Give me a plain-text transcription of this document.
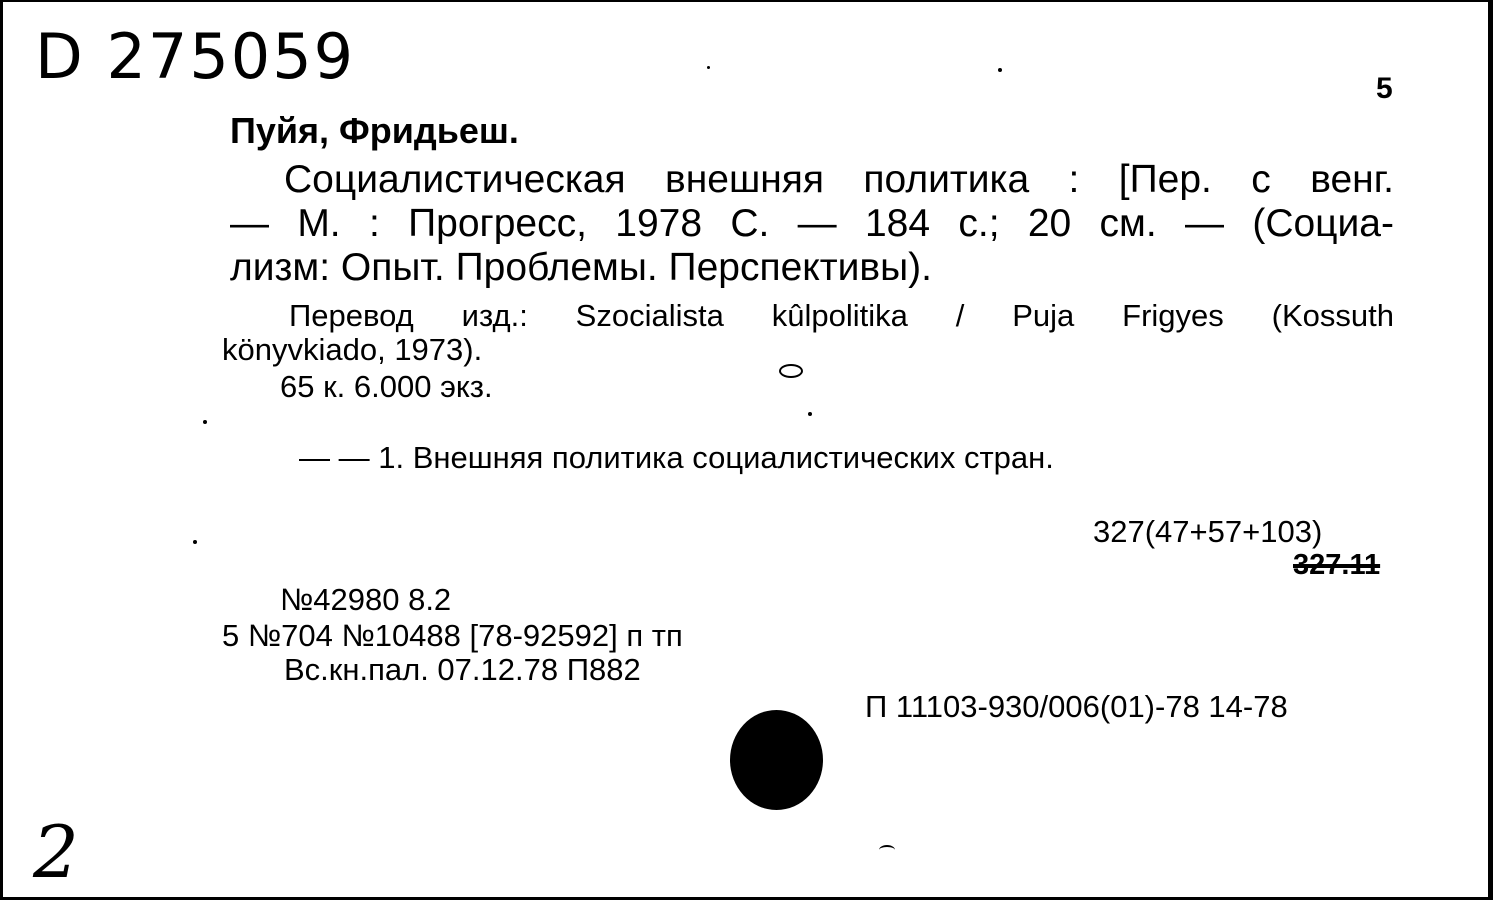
D 275059	5
Пуйя, Фридьеш.
Социалистическая внешняя политика : [Пер. с венг.
— М. : Прогресс, 1978 С. — 184 с.; 20 см. — (Социа-
лизм: Опыт. Проблемы. Перспективы).
Перевод изд.: Szocialista kûlpolitika / Puja Frigyes (Kossuth
könyvkiado, 1973).
65 к. 6.000 экз.
— — 1. Внешняя политика социалистических стран.
327(47+57+103)
327.11
№42980 8.2
5 №704 №10488 [78-92592] п тп
Вс.кн.пал. 07.12.78 П882
П 11103-930/006(01)-78 14-78
2
